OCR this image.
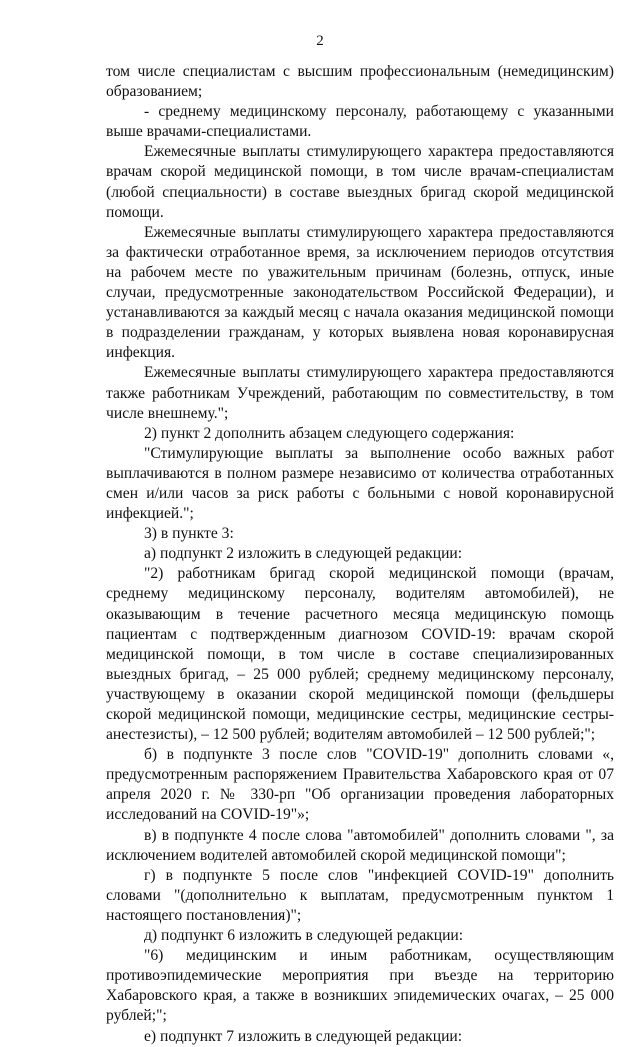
2

том числе специалистам с высшим профессиональным (немедицинским) образованием;

- среднему медицинскому персоналу, работающему с указанными выше врачами-специалистами.

Ежемесячные выплаты стимулирующего характера предоставляются врачам скорой медицинской помощи, в том числе врачам-специалистам (любой специальности) в составе выездных бригад скорой медицинской помощи.

Ежемесячные выплаты стимулирующего характера предоставляются за фактически отработанное время, за исключением периодов отсутствия на рабочем месте по уважительным причинам (болезнь, отпуск, иные случаи, предусмотренные законодательством Российской Федерации), и устанавливаются за каждый месяц с начала оказания медицинской помощи в подразделении гражданам, у которых выявлена новая коронавирусная инфекция.

Ежемесячные выплаты стимулирующего характера предоставляются также работникам Учреждений, работающим по совместительству, в том числе внешнему.";

2) пункт 2 дополнить абзацем следующего содержания:

"Стимулирующие выплаты за выполнение особо важных работ выплачиваются в полном размере независимо от количества отработанных смен и/или часов за риск работы с больными с новой коронавирусной инфекцией.";

3) в пункте 3:

а) подпункт 2 изложить в следующей редакции:

"2) работникам бригад скорой медицинской помощи (врачам, среднему медицинскому персоналу, водителям автомобилей), не оказывающим в течение расчетного месяца медицинскую помощь пациентам с подтвержденным диагнозом COVID-19: врачам скорой медицинской помощи, в том числе в составе специализированных выездных бригад, – 25 000 рублей; среднему медицинскому персоналу, участвующему в оказании скорой медицинской помощи (фельдшеры скорой медицинской помощи, медицинские сестры, медицинские сестры-анестезисты), – 12 500 рублей; водителям автомобилей – 12 500 рублей;";

б) в подпункте 3 после слов "COVID-19" дополнить словами «, предусмотренным распоряжением Правительства Хабаровского края от 07 апреля 2020 г. № 330-рп "Об организации проведения лабораторных исследований на COVID-19"»;

в) в подпункте 4 после слова "автомобилей" дополнить словами ", за исключением водителей автомобилей скорой медицинской помощи";

г) в подпункте 5 после слов "инфекцией COVID-19" дополнить словами "(дополнительно к выплатам, предусмотренным пунктом 1 настоящего постановления)";

д) подпункт 6 изложить в следующей редакции:

"6) медицинским и иным работникам, осуществляющим противоэпидемические мероприятия при въезде на территорию Хабаровского края, а также в возникших эпидемических очагах, – 25 000 рублей;";

е) подпункт 7 изложить в следующей редакции:
